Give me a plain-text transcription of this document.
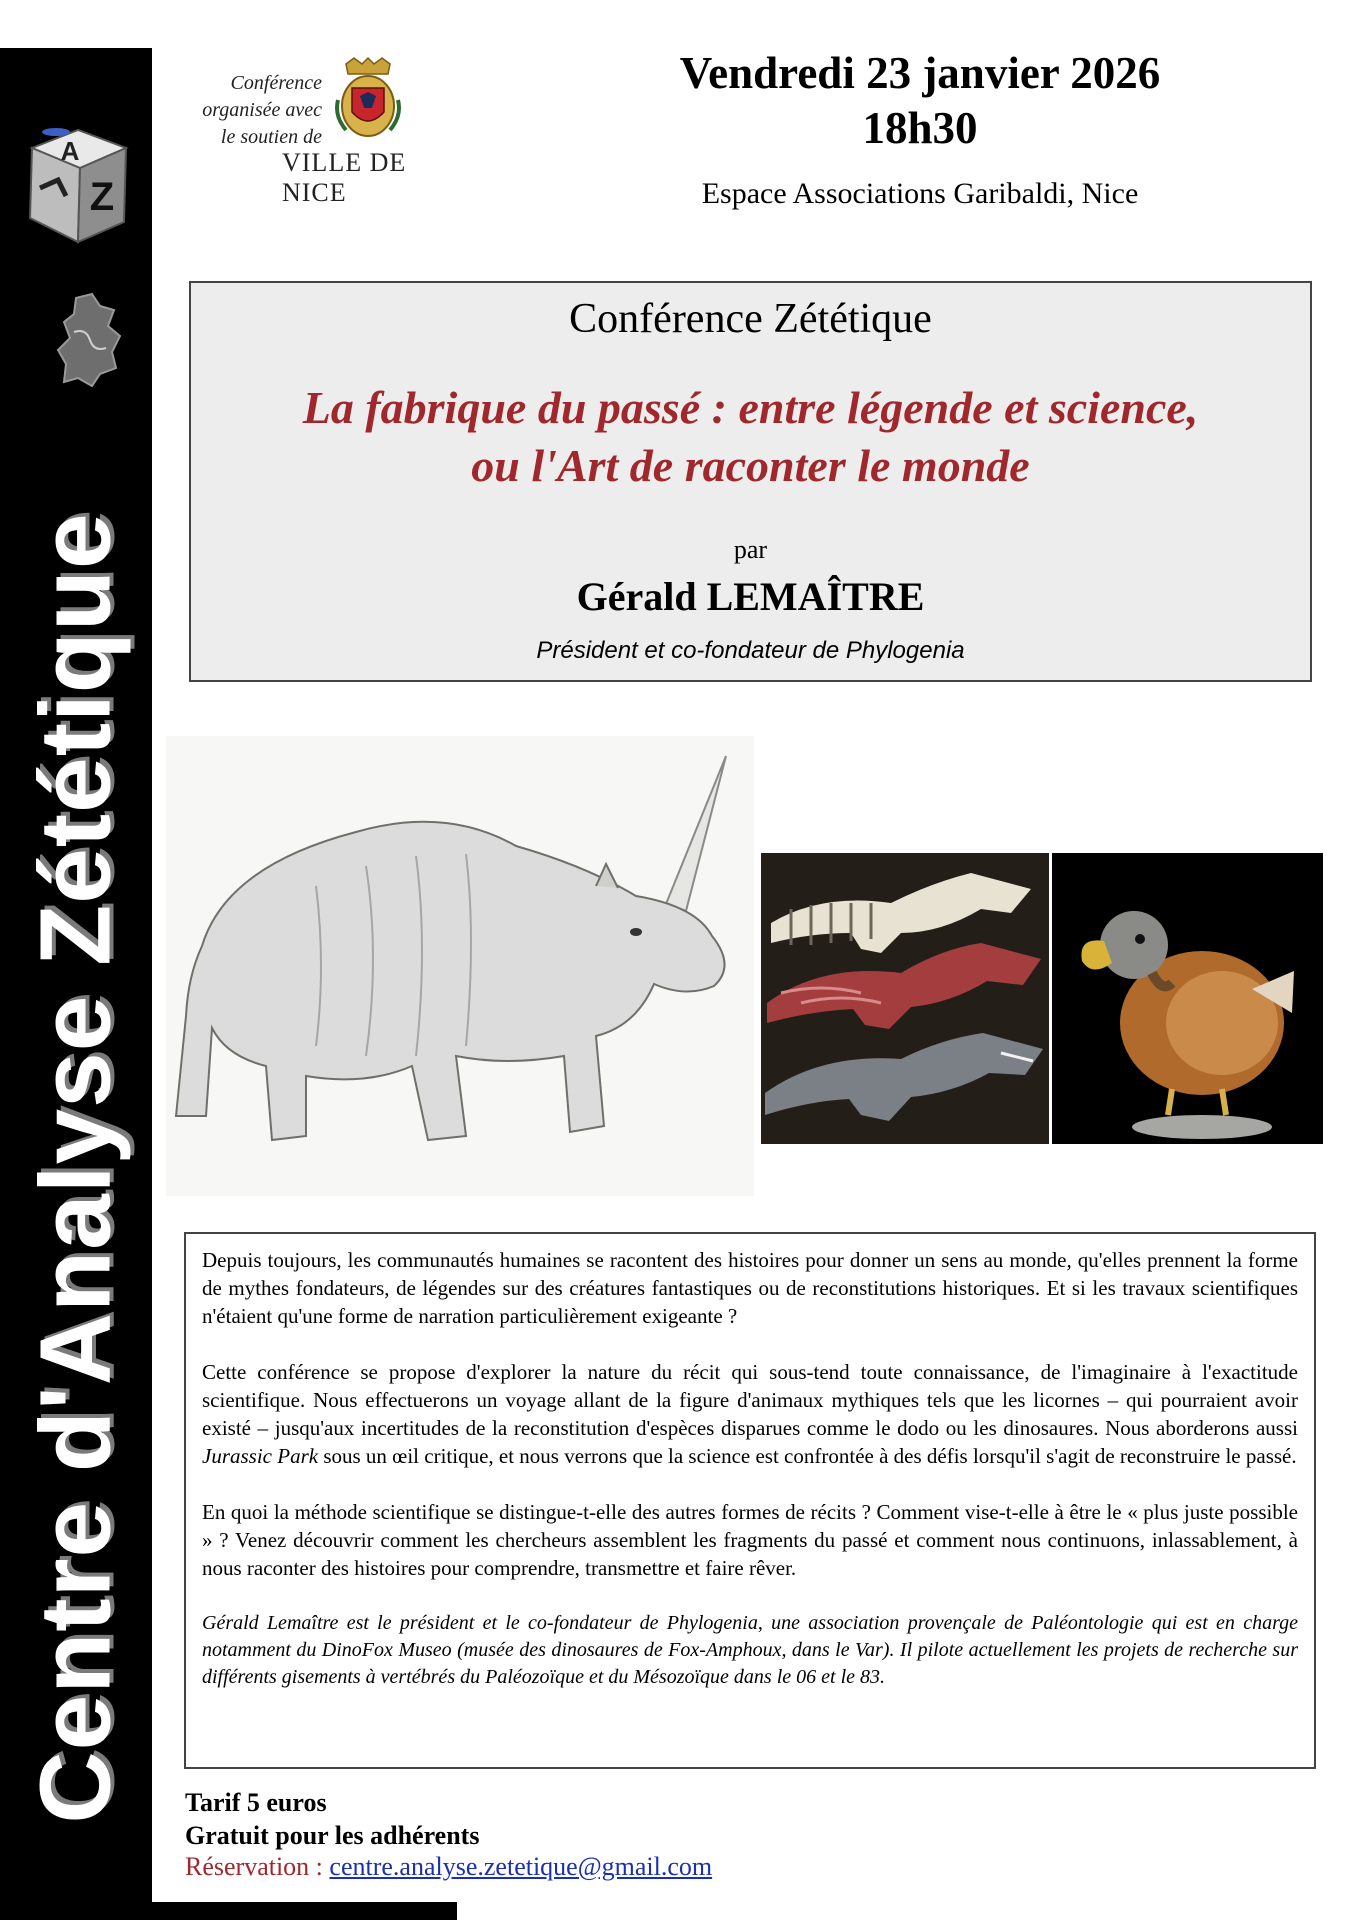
A
Z
Centre d'Analyse Zététique
Conférence
organisée avec
le soutien de
VILLE DE NICE
Vendredi 23 janvier 2026
18h30
Espace Associations Garibaldi, Nice
Conférence Zététique
La fabrique du passé : entre légende et science,
ou l'Art de raconter le monde
par
Gérald LEMAÎTRE
Président et co-fondateur de Phylogenia

Depuis toujours, les communautés humaines se racontent des histoires pour donner un sens au monde, qu'elles prennent la forme de mythes fondateurs, de légendes sur des créatures fantastiques ou de reconstitutions historiques. Et si les travaux scientifiques n'étaient qu'une forme de narration particulièrement exigeante ?

Cette conférence se propose d'explorer la nature du récit qui sous-tend toute connaissance, de l'imaginaire à l'exactitude scientifique. Nous effectuerons un voyage allant de la figure d'animaux mythiques tels que les licornes – qui pourraient avoir existé – jusqu'aux incertitudes de la reconstitution d'espèces disparues comme le dodo ou les dinosaures. Nous aborderons aussi Jurassic Park sous un œil critique, et nous verrons que la science est confrontée à des défis lorsqu'il s'agit de reconstruire le passé.

En quoi la méthode scientifique se distingue-t-elle des autres formes de récits ? Comment vise-t-elle à être le « plus juste possible » ? Venez découvrir comment les chercheurs assemblent les fragments du passé et comment nous continuons, inlassablement, à nous raconter des histoires pour comprendre, transmettre et faire rêver.

Gérald Lemaître est le président et le co-fondateur de Phylogenia, une association provençale de Paléontologie qui est en charge notamment du DinoFox Museo (musée des dinosaures de Fox-Amphoux, dans le Var). Il pilote actuellement les projets de recherche sur différents gisements à vertébrés du Paléozoïque et du Mésozoïque dans le 06 et le 83.

Tarif 5 euros
Gratuit pour les adhérents
Réservation : centre.analyse.zetetique@gmail.com
